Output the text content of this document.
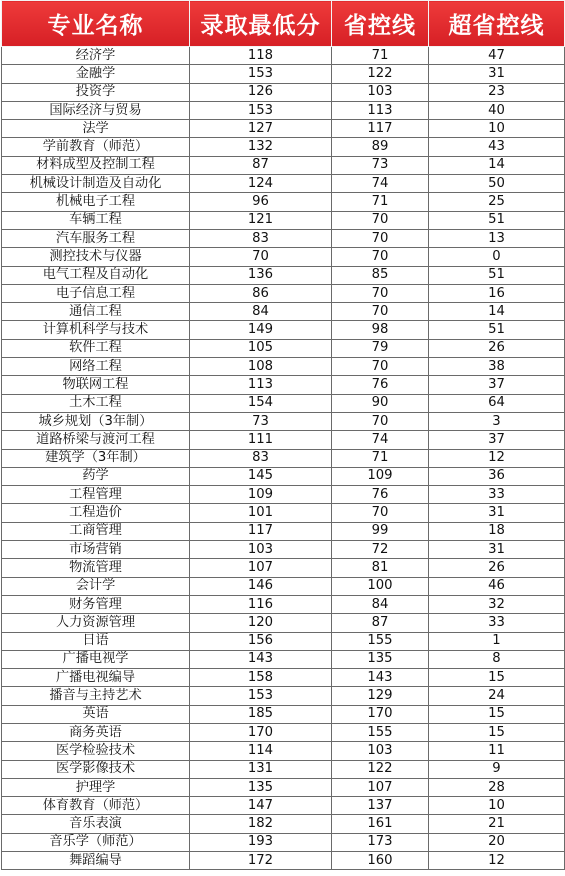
专业名称	录取最低分	省控线	超省控线
经济学	118	71	47
金融学	153	122	31
投资学	126	103	23
国际经济与贸易	153	113	40
法学	127	117	10
学前教育（师范）	132	89	43
材料成型及控制工程	87	73	14
机械设计制造及自动化	124	74	50
机械电子工程	96	71	25
车辆工程	121	70	51
汽车服务工程	83	70	13
测控技术与仪器	70	70	0
电气工程及自动化	136	85	51
电子信息工程	86	70	16
通信工程	84	70	14
计算机科学与技术	149	98	51
软件工程	105	79	26
网络工程	108	70	38
物联网工程	113	76	37
土木工程	154	90	64
城乡规划（3年制）	73	70	3
道路桥梁与渡河工程	111	74	37
建筑学（3年制）	83	71	12
药学	145	109	36
工程管理	109	76	33
工程造价	101	70	31
工商管理	117	99	18
市场营销	103	72	31
物流管理	107	81	26
会计学	146	100	46
财务管理	116	84	32
人力资源管理	120	87	33
日语	156	155	1
广播电视学	143	135	8
广播电视编导	158	143	15
播音与主持艺术	153	129	24
英语	185	170	15
商务英语	170	155	15
医学检验技术	114	103	11
医学影像技术	131	122	9
护理学	135	107	28
体育教育（师范）	147	137	10
音乐表演	182	161	21
音乐学（师范）	193	173	20
舞蹈编导	172	160	12
